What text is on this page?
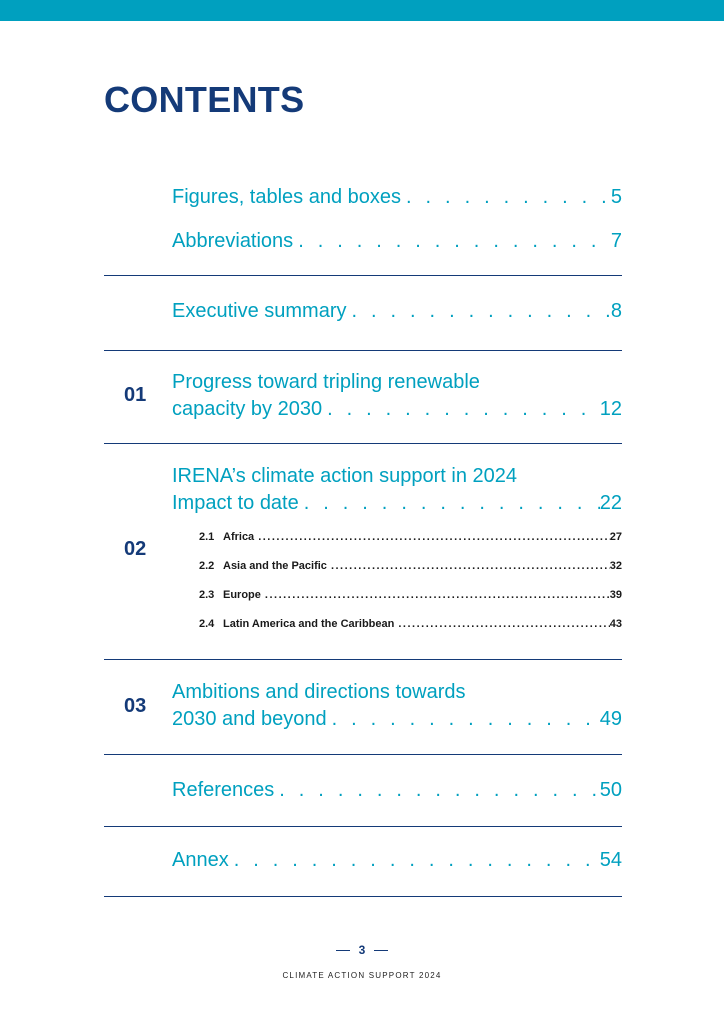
CONTENTS
Figures, tables and boxes . . .	5
Abbreviations . . .	7
Executive summary . . .	8
01
Progress toward tripling renewable
capacity by 2030 . . .	12
02
IRENA’s climate action support in 2024
Impact to date . . .	22
2.1 Africa .....	27
2.2 Asia and the Pacific .....	32
2.3 Europe .....	39
2.4 Latin America and the Caribbean .....	43
03
Ambitions and directions towards
2030 and beyond . . .	49
References . . .	50
Annex . . .	54
3
CLIMATE ACTION SUPPORT 2024
